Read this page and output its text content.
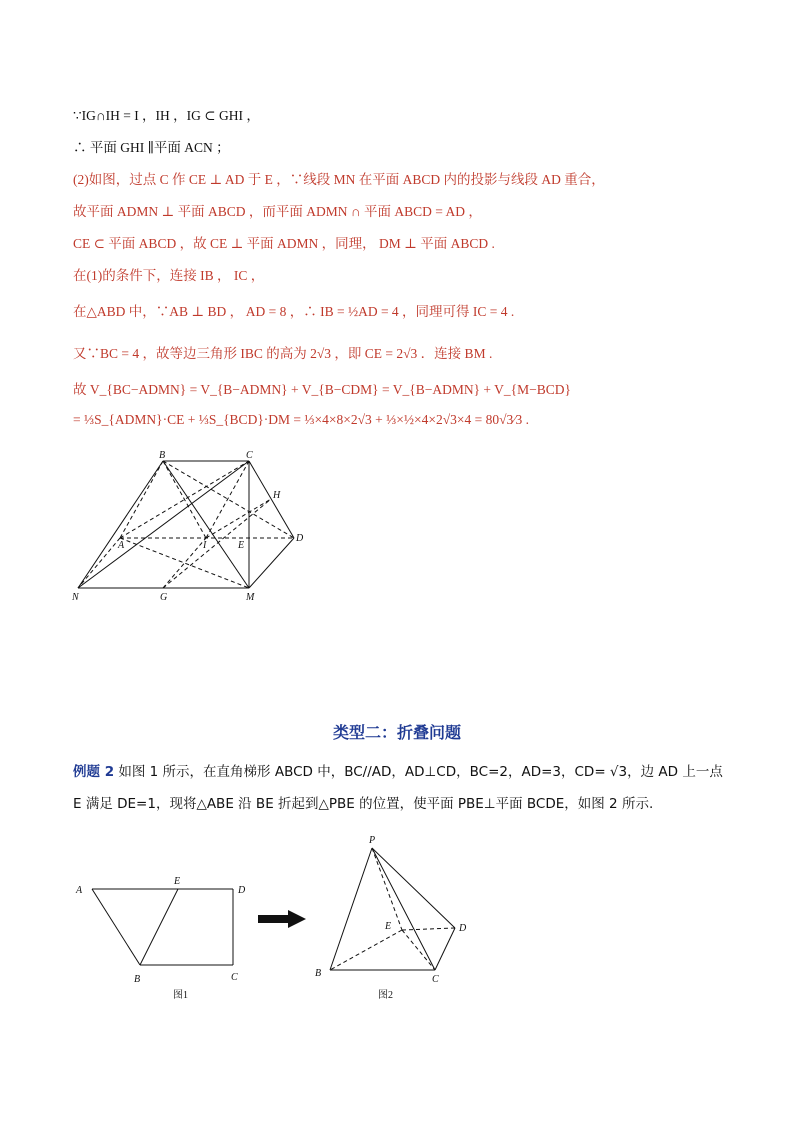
∵IG∩IH = I ，IH ，IG ⊂ GHI ，
∴ 平面 GHI ∥平面 ACN ；
(2)如图，过点 C 作 CE ⊥ AD 于 E ，∵线段 MN 在平面 ABCD 内的投影与线段 AD 重合，
故平面 ADMN ⊥ 平面 ABCD ，而平面 ADMN ∩ 平面 ABCD = AD ，
CE ⊂ 平面 ABCD ，故 CE ⊥ 平面 ADMN ，同理， DM ⊥ 平面 ABCD .
在(1)的条件下，连接 IB ， IC ，
在△ABD 中，∵AB ⊥ BD ， AD = 8 ，∴ IB = ½AD = 4 ，同理可得 IC = 4 .
又∵BC = 4 ，故等边三角形 IBC 的高为 2√3 ，即 CE = 2√3 ．连接 BM .
故 V_{BC−ADMN} = V_{B−ADMN} + V_{B−CDM} = V_{B−ADMN} + V_{M−BCD}
= ⅓S_{ADMN}·CE + ⅓S_{BCD}·DM = ⅓×4×8×2√3 + ⅓×½×4×2√3×4 = 80√3⁄3 .
B	C
H
A	I	E
D
N	G	M
类型二：折叠问题
例题 2 如图 1 所示，在直角梯形 ABCD 中，BC//AD，AD⊥CD，BC=2，AD=3，CD= √3，边 AD 上一点
E 满足 DE=1，现将△ABE 沿 BE 折起到△PBE 的位置，使平面 PBE⊥平面 BCDE，如图 2 所示.
A
E
D
B	C
图1
P
E	D
B
C
图2
